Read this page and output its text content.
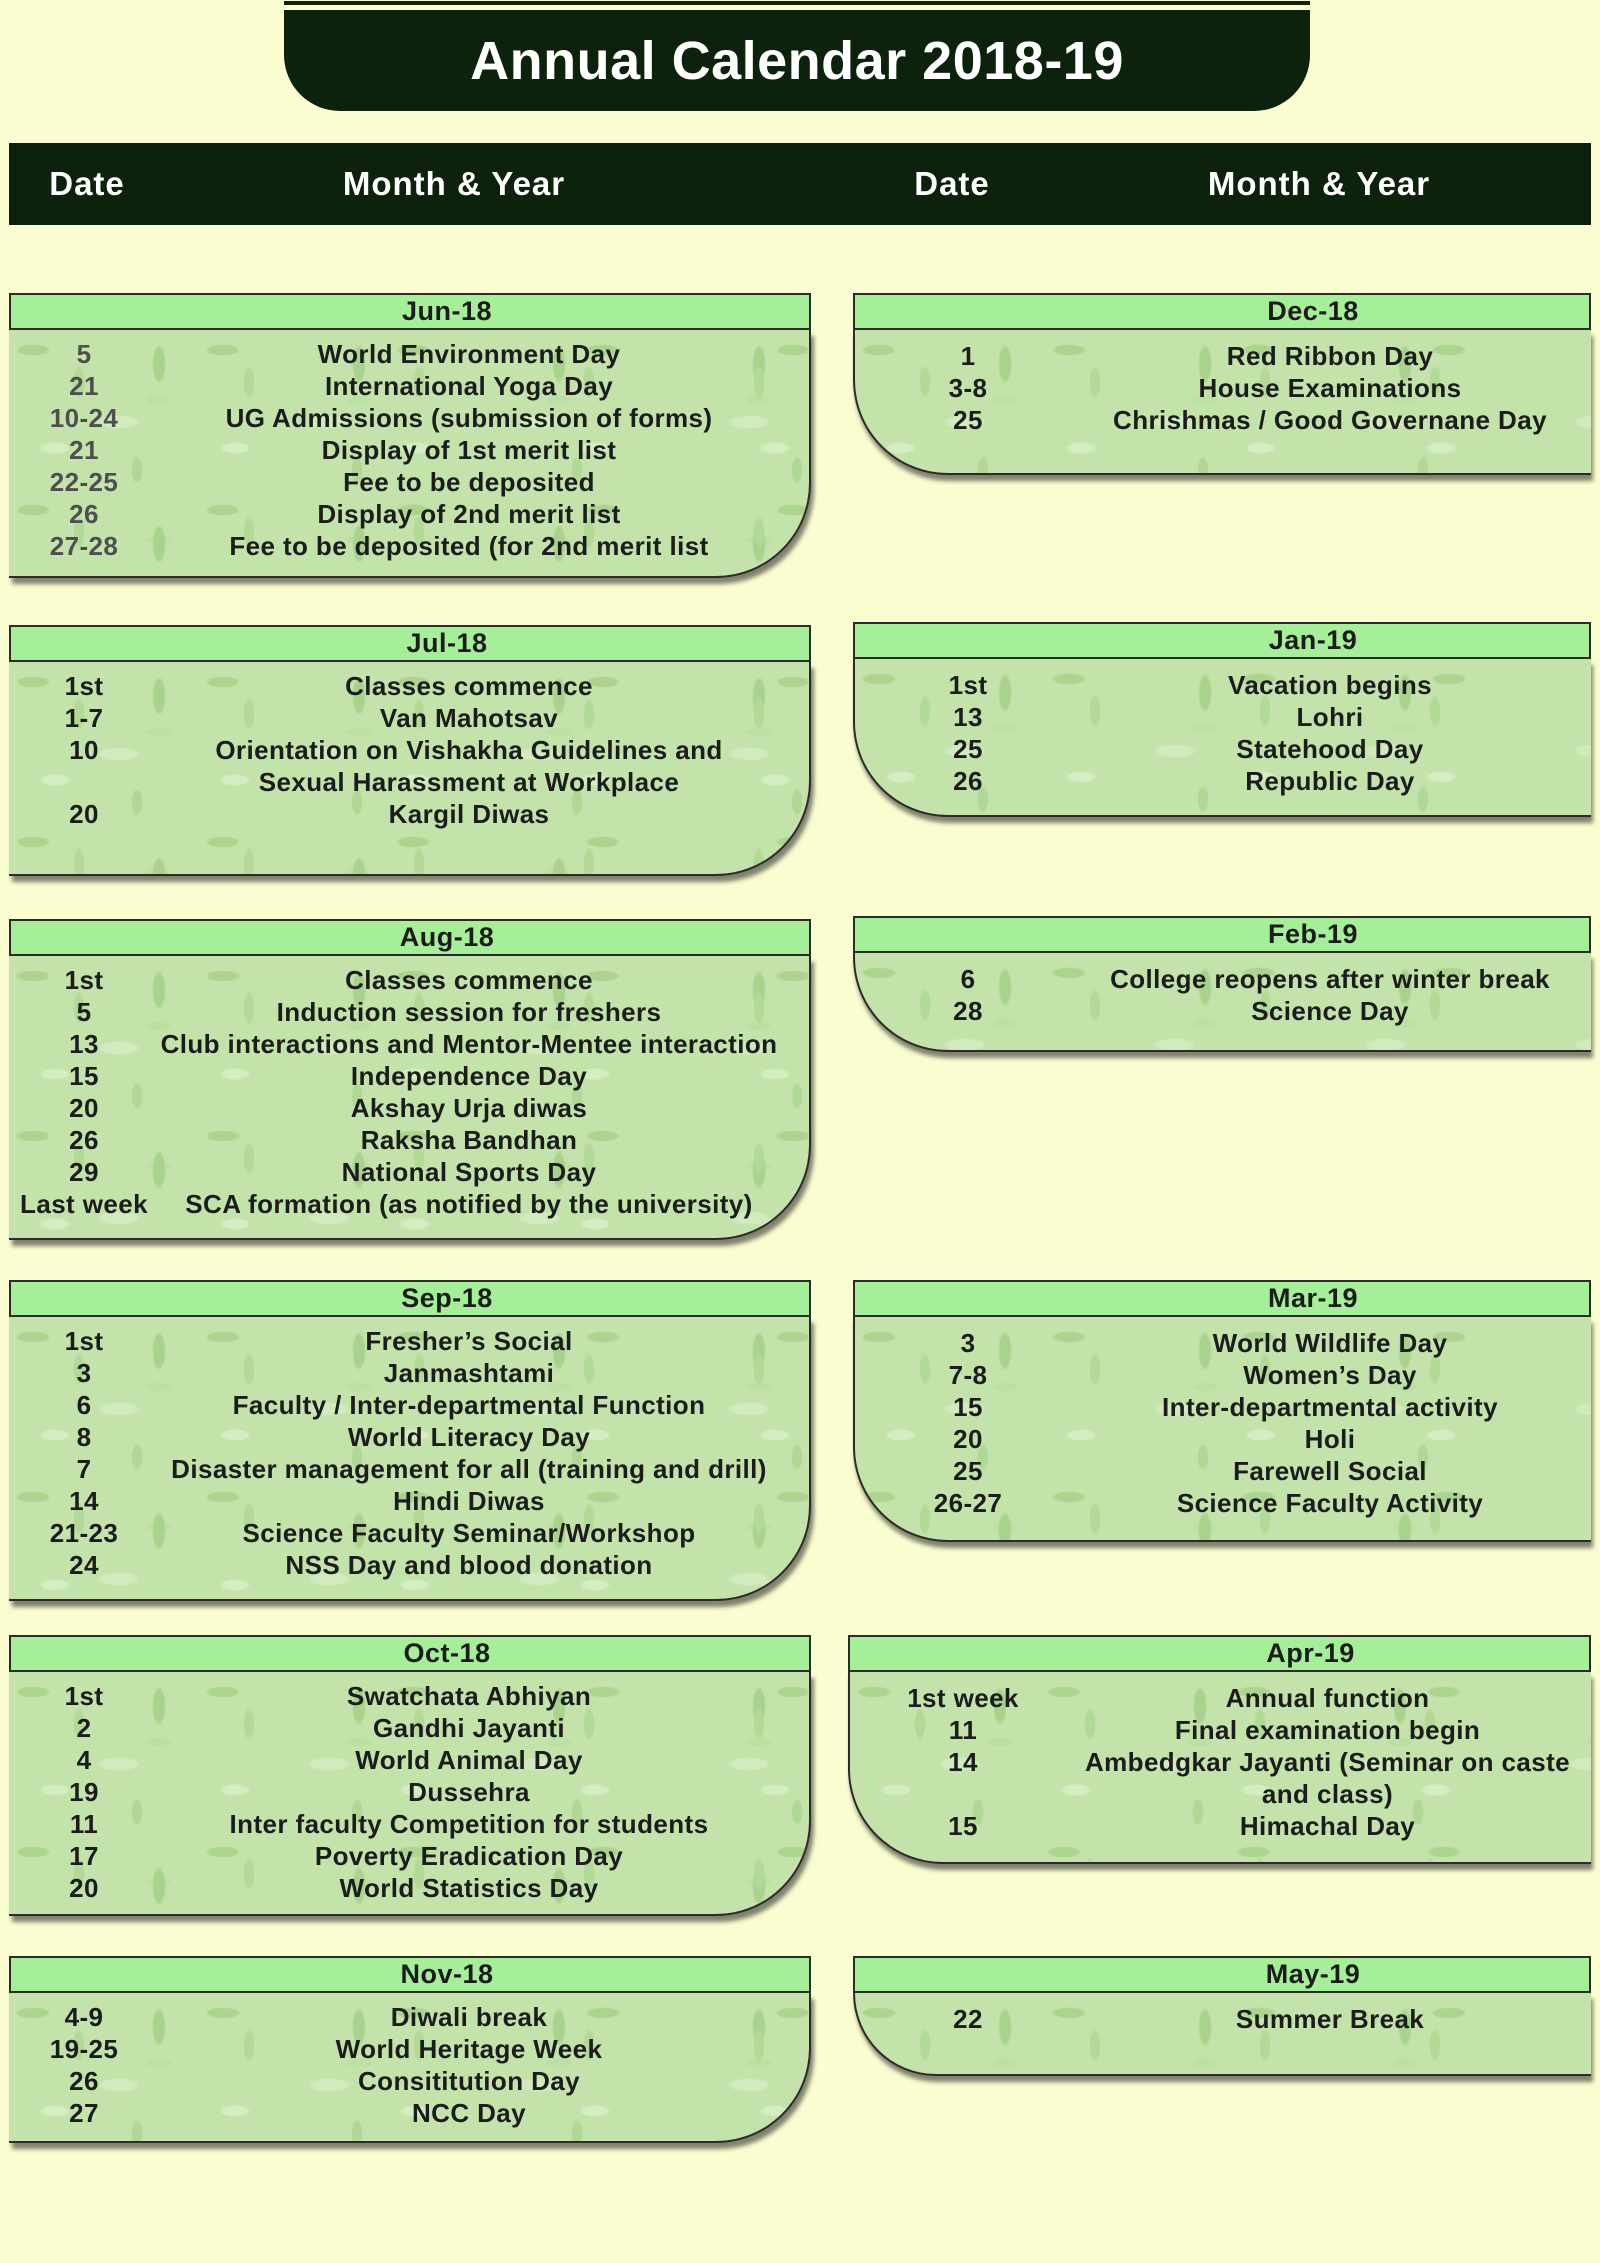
Annual Calendar 2018-19
Date	Month & Year	Date	Month & Year
Jun-18
5	World Environment Day
21	International Yoga Day
10-24	UG Admissions (submission of forms)
21	Display of 1st merit list
22-25	Fee to be deposited
26	Display of 2nd merit list
27-28	Fee to be deposited (for 2nd merit list
Jul-18
1st	Classes commence
1-7	Van Mahotsav
10	Orientation on Vishakha Guidelines and
Sexual Harassment at Workplace
20	Kargil Diwas
Aug-18
1st	Classes commence
5	Induction session for freshers
13	Club interactions and Mentor-Mentee interaction
15	Independence Day
20	Akshay Urja diwas
26	Raksha Bandhan
29	National Sports Day
Last week	SCA formation (as notified by the university)
Sep-18
1st	Fresher’s Social
3	Janmashtami
6	Faculty / Inter-departmental Function
8	World Literacy Day
7	Disaster management for all (training and drill)
14	Hindi Diwas
21-23	Science Faculty Seminar/Workshop
24	NSS Day and blood donation
Oct-18
1st	Swatchata Abhiyan
2	Gandhi Jayanti
4	World Animal Day
19	Dussehra
11	Inter faculty Competition for students
17	Poverty Eradication Day
20	World Statistics Day
Nov-18
4-9	Diwali break
19-25	World Heritage Week
26	Consititution Day
27	NCC Day
Dec-18
1	Red Ribbon Day
3-8	House Examinations
25	Chrishmas / Good Governane Day
Jan-19
1st	Vacation begins
13	Lohri
25	Statehood Day
26	Republic Day
Feb-19
6	College reopens after winter break
28	Science Day
Mar-19
3	World Wildlife Day
7-8	Women’s Day
15	Inter-departmental activity
20	Holi
25	Farewell Social
26-27	Science Faculty Activity
Apr-19
1st week	Annual function
11	Final examination begin
14	Ambedgkar Jayanti (Seminar on caste
and class)
15	Himachal Day
May-19
22	Summer Break
